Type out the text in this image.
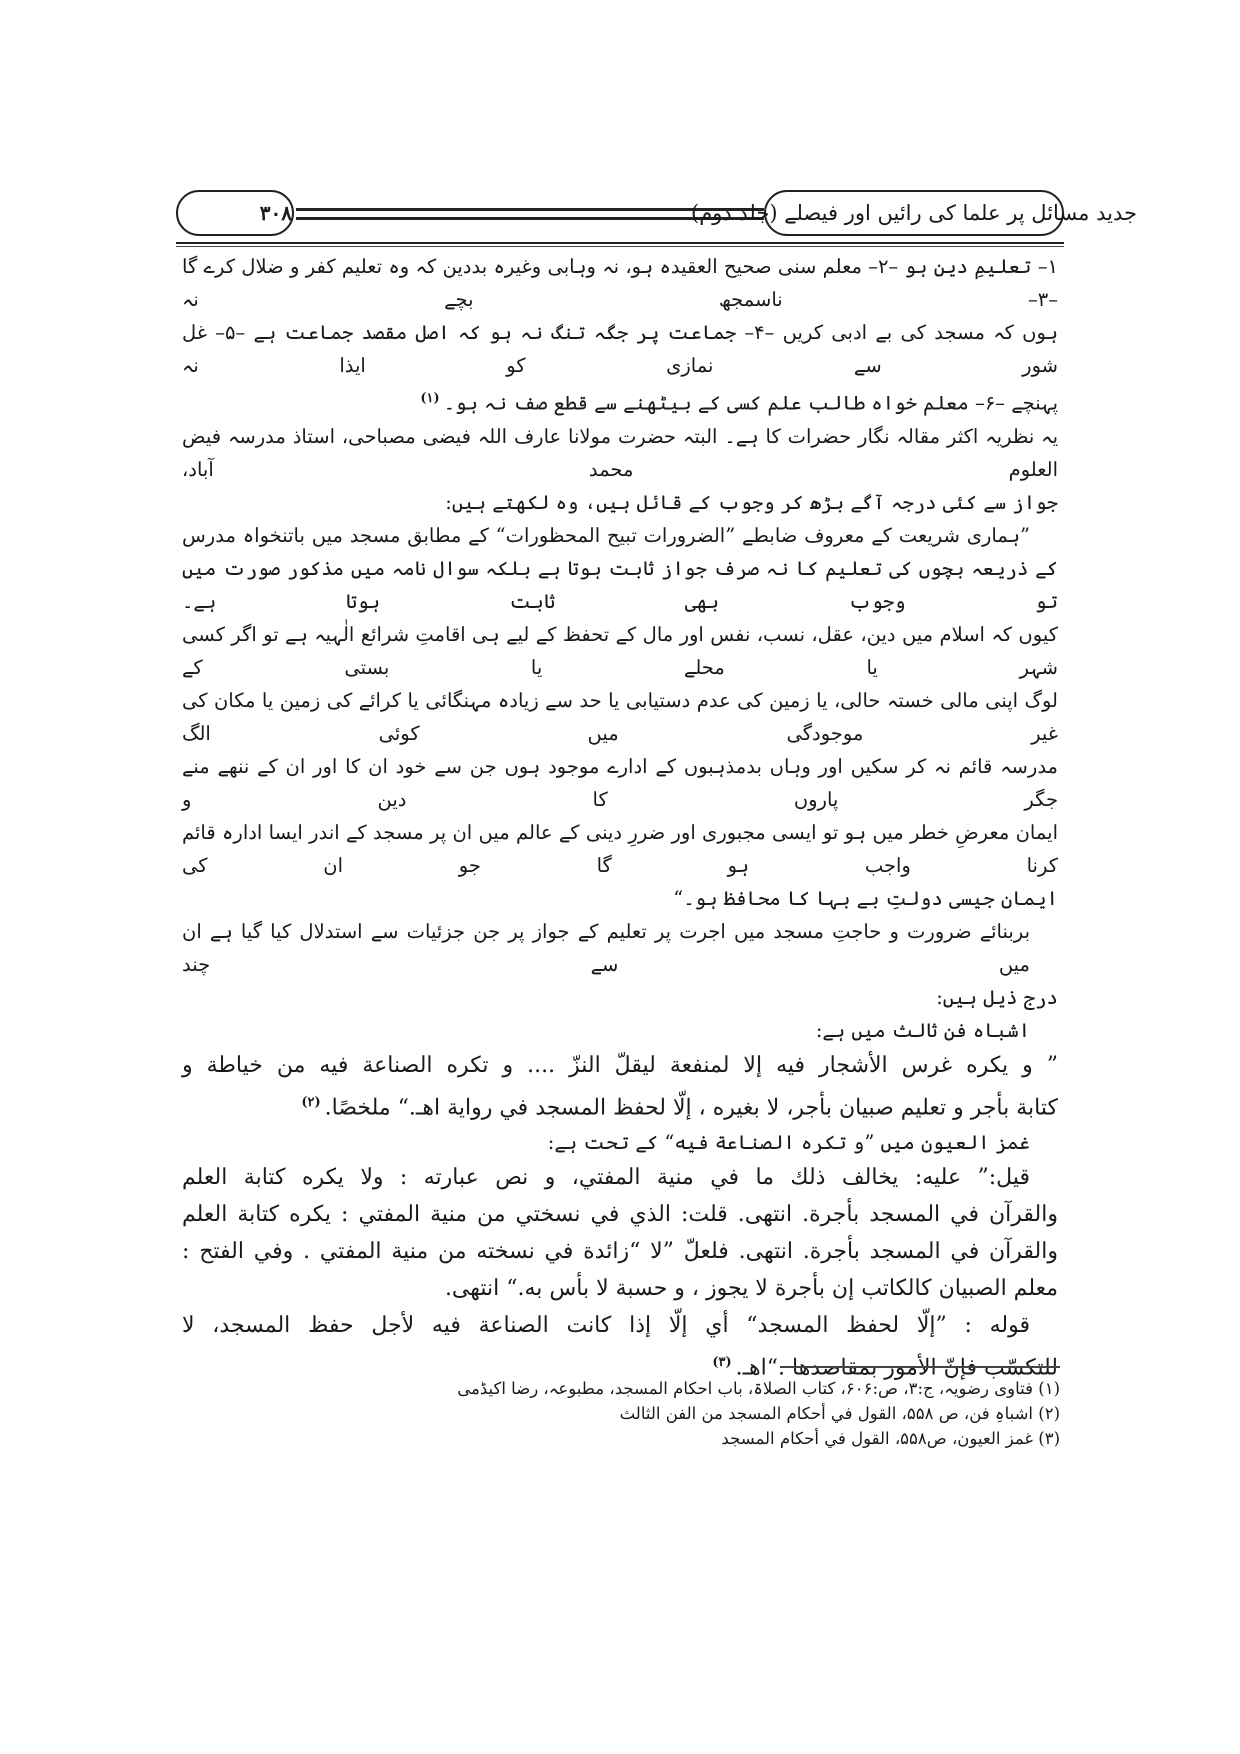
۳۰۸	جدید مسائل پر علما کی رائیں اور فیصلے (جلد دوم)

۱– تعلیمِ دین ہو –۲– معلم سنی صحیح العقیدہ ہو، نہ وہابی وغیرہ بددین کہ وہ تعلیم کفر و ضلال کرے گا –۳– ناسمجھ بچے نہ

ہوں کہ مسجد کی بے ادبی کریں –۴– جماعت پر جگہ تنگ نہ ہو کہ اصل مقصد جماعت ہے –۵– غل شور سے نمازی کو ایذا نہ

پہنچے –۶– معلم خواہ طالب علم کسی کے بیٹھنے سے قطع صف نہ ہو۔$^{(۱)}$

یہ نظریہ اکثر مقالہ نگار حضرات کا ہے۔ البتہ حضرت مولانا عارف اللہ فیضی مصباحی، استاذ مدرسہ فیض العلوم محمد آباد،

جواز سے کئی درجہ آگے بڑھ کر وجوب کے قائل ہیں، وہ لکھتے ہیں:

”ہماری شریعت کے معروف ضابطے ”الضرورات تبیح المحظورات“ کے مطابق مسجد میں باتنخواہ مدرس

کے ذریعہ بچوں کی تعلیم کا نہ صرف جواز ثابت ہوتا ہے بلکہ سوال نامہ میں مذکور صورت میں تو وجوب بھی ثابت ہوتا ہے۔

کیوں کہ اسلام میں دین، عقل، نسب، نفس اور مال کے تحفظ کے لیے ہی اقامتِ شرائع الٰہیہ ہے تو اگر کسی شہر یا محلے یا بستی کے

لوگ اپنی مالی خستہ حالی، یا زمین کی عدم دستیابی یا حد سے زیادہ مہنگائی یا کرائے کی زمین یا مکان کی غیر موجودگی میں کوئی الگ

مدرسہ قائم نہ کر سکیں اور وہاں بدمذہبوں کے ادارے موجود ہوں جن سے خود ان کا اور ان کے ننھے منے جگر پاروں کا دین و

ایمان معرضِ خطر میں ہو تو ایسی مجبوری اور ضررِ دینی کے عالم میں ان پر مسجد کے اندر ایسا ادارہ قائم کرنا واجب ہو گا جو ان کی

ایمان جیسی دولتِ بے بہا کا محافظ ہو۔“

بربنائے ضرورت و حاجتِ مسجد میں اجرت پر تعلیم کے جواز پر جن جزئیات سے استدلال کیا گیا ہے ان میں سے چند

درج ذیل ہیں:

اشباہ فن ثالث میں ہے:

” و يكره غرس الأشجار فيه إلا لمنفعة ليقلّ النزّ .... و تكره الصناعة فيه من خياطة و

كتابة بأجر و تعليم صبيان بأجر، لا بغيره ، إلّا لحفظ المسجد في رواية اهـ.“ ملخصًا.$^{(۲)}$

غمز العیون میں ”و تكره الصناعة فيه“ کے تحت ہے:

قيل:” عليه: يخالف ذلك ما في منية المفتي، و نص عبارته : ولا يكره كتابة العلم

والقرآن في المسجد بأجرة. انتهى. قلت: الذي في نسختي من منية المفتي : يكره كتابة العلم

والقرآن في المسجد بأجرة. انتهى. فلعلّ ”لا “زائدة في نسخته من منية المفتي . وفي الفتح :

معلم الصبيان كالكاتب إن بأجرة لا يجوز ، و حسبة لا بأس به.“ انتهى.

قوله : ”إلّا لحفظ المسجد“ أي إلّا إذا كانت الصناعة فيه لأجل حفظ المسجد، لا

للتكسّب فإنّ الأمور بمقاصدها .“اهـ.$^{(۳)}$

(۱) فتاوی رضویہ، ج:۳، ص:۶۰۶، کتاب الصلاۃ، باب احکام المسجد، مطبوعہ، رضا اکیڈمی

(۲) اشباہِ فن، ص ۵۵۸، القول في أحكام المسجد من الفن الثالث

(۳) غمز العیون، ص۵۵۸، القول في أحكام المسجد
